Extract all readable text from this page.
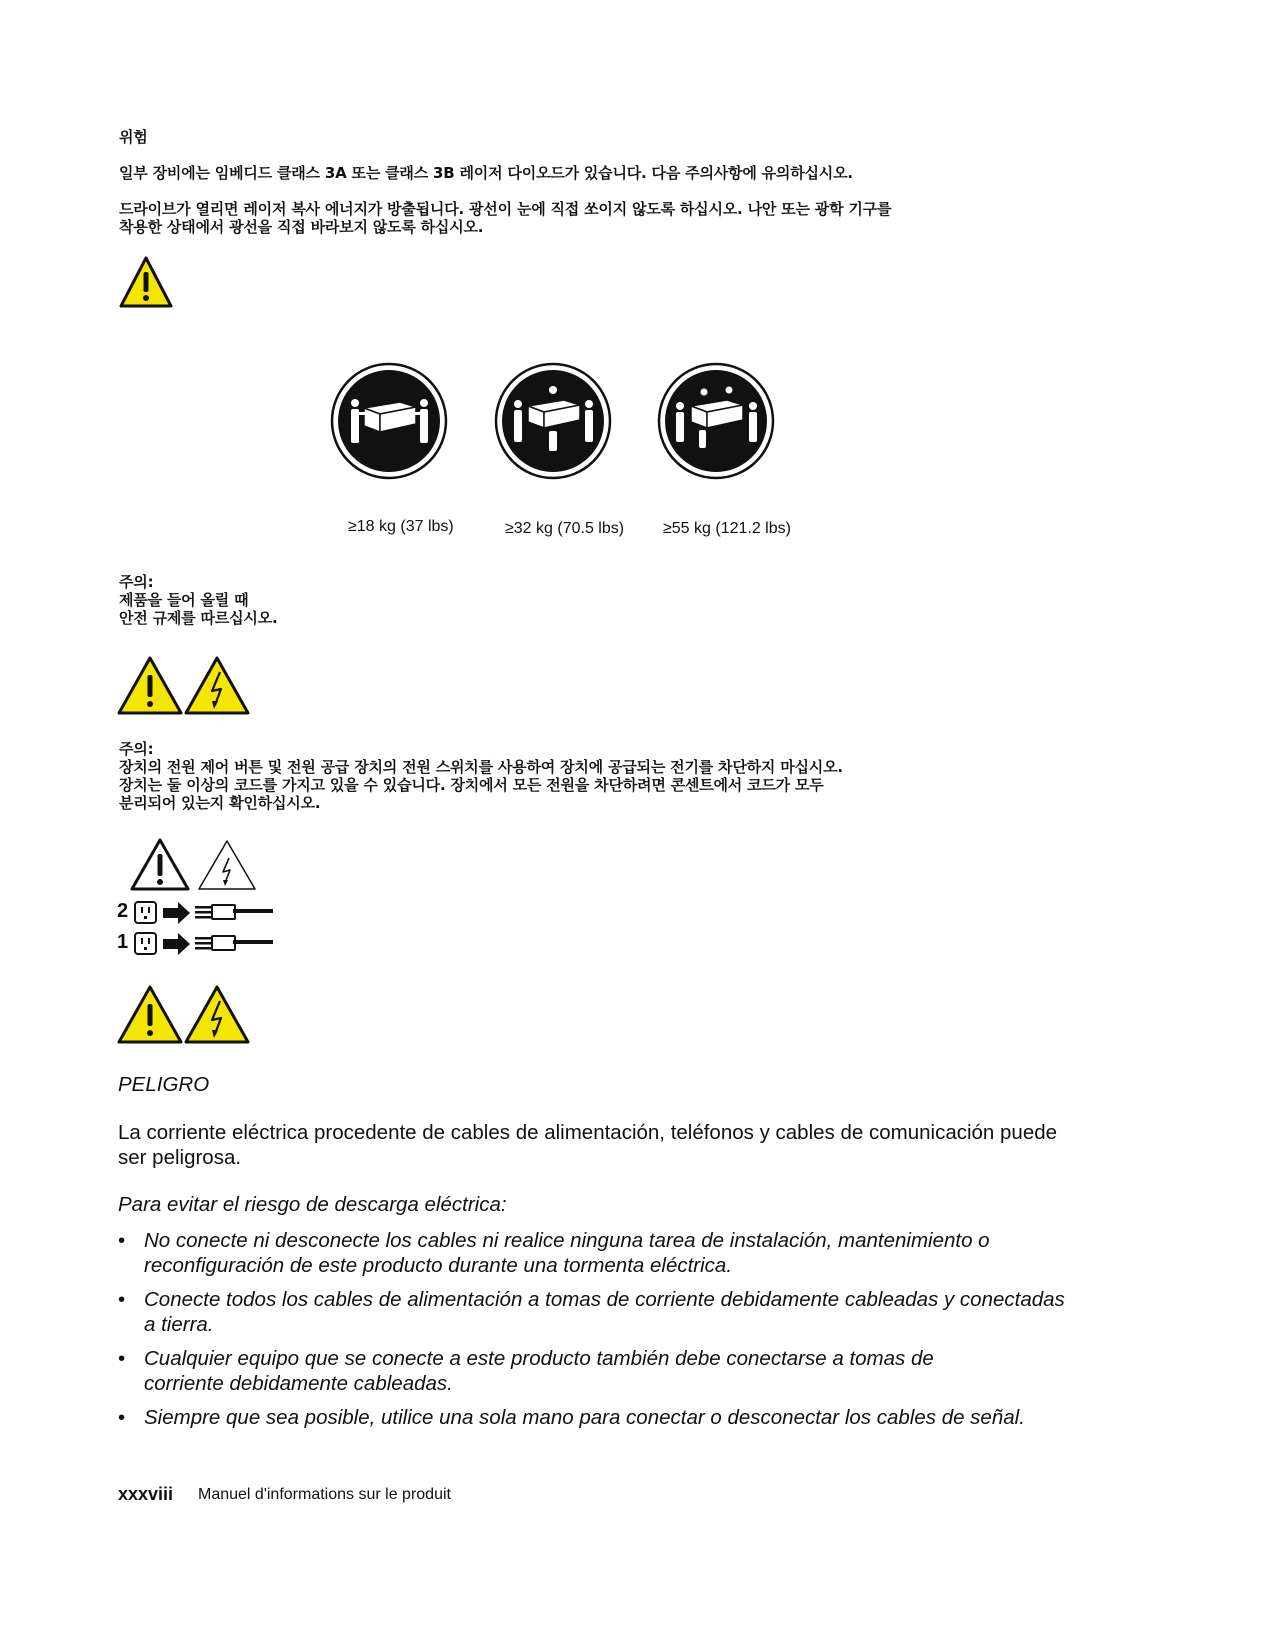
위험

일부 장비에는 임베디드 클래스 3A 또는 클래스 3B 레이저 다이오드가 있습니다. 다음 주의사항에 유의하십시오.

드라이브가 열리면 레이저 복사 에너지가 방출됩니다. 광선이 눈에 직접 쏘이지 않도록 하십시오. 나안 또는 광학 기구를

착용한 상태에서 광선을 직접 바라보지 않도록 하십시오.

≥18 kg (37 lbs)	≥32 kg (70.5 lbs) ≥55 kg (121.2 lbs)

주의:

제품을 들어 올릴 때

안전 규제를 따르십시오.

주의:

장치의 전원 제어 버튼 및 전원 공급 장치의 전원 스위치를 사용하여 장치에 공급되는 전기를 차단하지 마십시오.

장치는 둘 이상의 코드를 가지고 있을 수 있습니다. 장치에서 모든 전원을 차단하려면 콘센트에서 코드가 모두

분리되어 있는지 확인하십시오.

2
1

PELIGRO

La corriente eléctrica procedente de cables de alimentación, teléfonos y cables de comunicación puede ser peligrosa.

Para evitar el riesgo de descarga eléctrica:

• No conecte ni desconecte los cables ni realice ninguna tarea de instalación, mantenimiento o reconfiguración de este producto durante una tormenta eléctrica.
• Conecte todos los cables de alimentación a tomas de corriente debidamente cableadas y conectadas a tierra.
• Cualquier equipo que se conecte a este producto también debe conectarse a tomas de corriente debidamente cableadas.
• Siempre que sea posible, utilice una sola mano para conectar o desconectar los cables de señal.
xxxviii Manuel d'informations sur le produit
